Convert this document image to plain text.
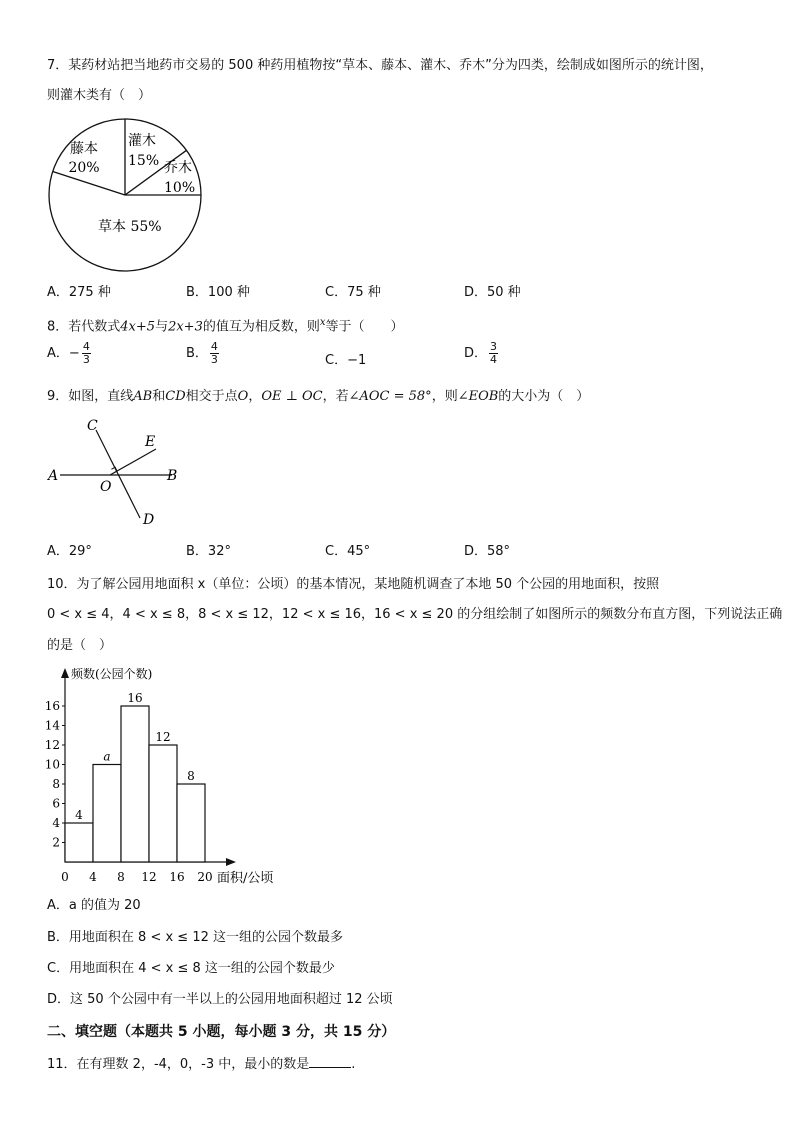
7．某药材站把当地药市交易的 500 种药用植物按“草本、藤本、灌木、乔木”分为四类，绘制成如图所示的统计图，
则灌木类有（　）
藤本
20%
灌木
15% 乔木
10%
草本 55%
A．275 种	B．100 种	C．75 种	D．50 种
8．若代数式4x+5与2x+3的值互为相反数，则$^x$等于（　　）
A．− $\frac{4}{3}$	B． $\frac{4}{3}$	C．−1	D． $\frac{3}{4}$
9．如图，直线AB和CD相交于点O，OE ⊥ OC，若∠AOC = 58°，则∠EOB的大小为（　）
C
E
A
O
B
D
A．29°	B．32°	C．45°	D．58°
10．为了解公园用地面积 x（单位：公顷）的基本情况，某地随机调查了本地 50 个公园的用地面积，按照
0 < x ≤ 4，4 < x ≤ 8，8 < x ≤ 12，12 < x ≤ 16，16 < x ≤ 20 的分组绘制了如图所示的频数分布直方图，下列说法正确
的是（　）
频数(公园个数)
面积/公顷
2
4
6
8
10
12
14
16
0 4 8 12 16 20
4
a
16
12
8
A．a 的值为 20
B．用地面积在 8 < x ≤ 12 这一组的公园个数最多
C．用地面积在 4 < x ≤ 8 这一组的公园个数最少
D．这 50 个公园中有一半以上的公园用地面积超过 12 公顷
二、填空题（本题共 5 小题，每小题 3 分，共 15 分）
11．在有理数 2，-4，0，-3 中，最小的数是	.
